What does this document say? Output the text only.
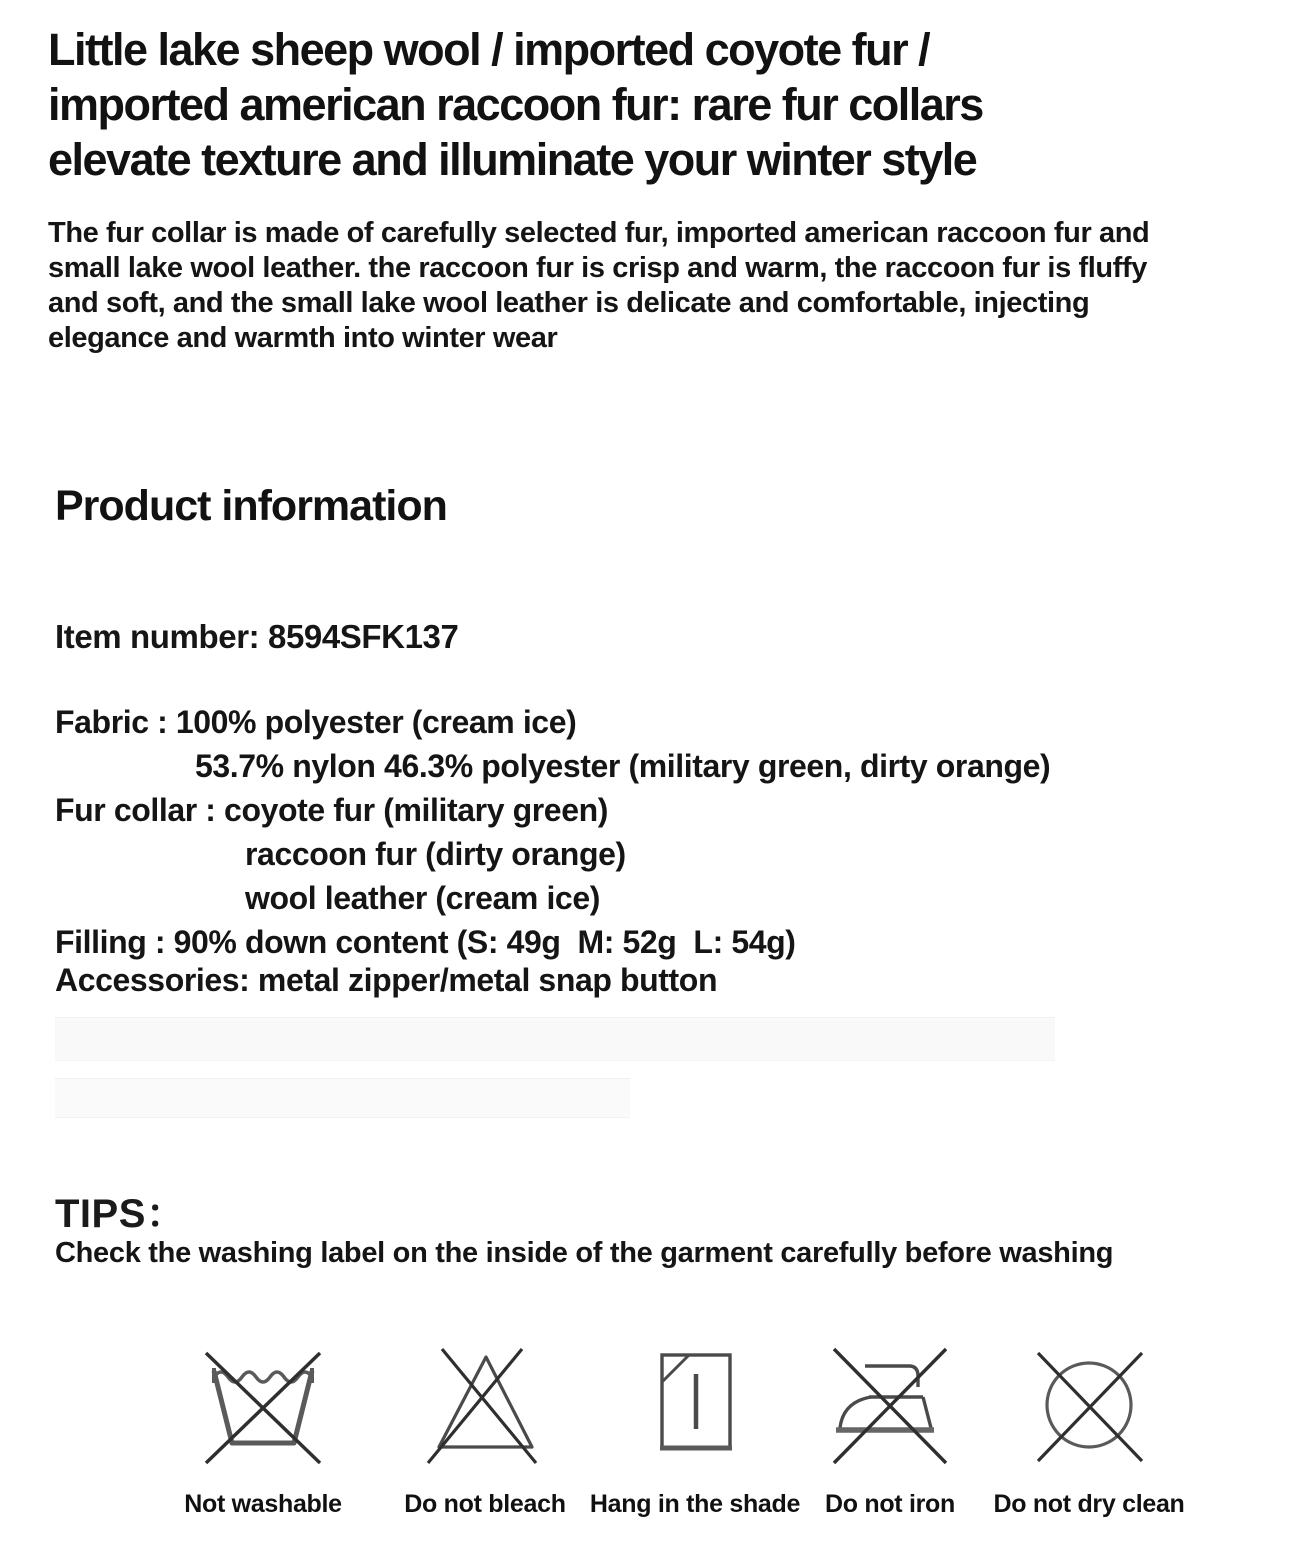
Little lake sheep wool / imported coyote fur /
imported american raccoon fur: rare fur collars
elevate texture and illuminate your winter style

The fur collar is made of carefully selected fur, imported american raccoon fur and
small lake wool leather. the raccoon fur is crisp and warm, the raccoon fur is fluffy
and soft, and the small lake wool leather is delicate and comfortable, injecting
elegance and warmth into winter wear

Product information
Item number: 8594SFK137
Fabric : 100% polyester (cream ice)
53.7% nylon 46.3% polyester (military green, dirty orange)
Fur collar : coyote fur (military green)
raccoon fur (dirty orange)
wool leather (cream ice)
Filling : 90% down content (S: 49g  M: 52g  L: 54g)
Accessories: metal zipper/metal snap button
TIPS：
Check the washing label on the inside of the garment carefully before washing
Not washable	Do not bleach Hang in the shade Do not iron	Do not dry clean
